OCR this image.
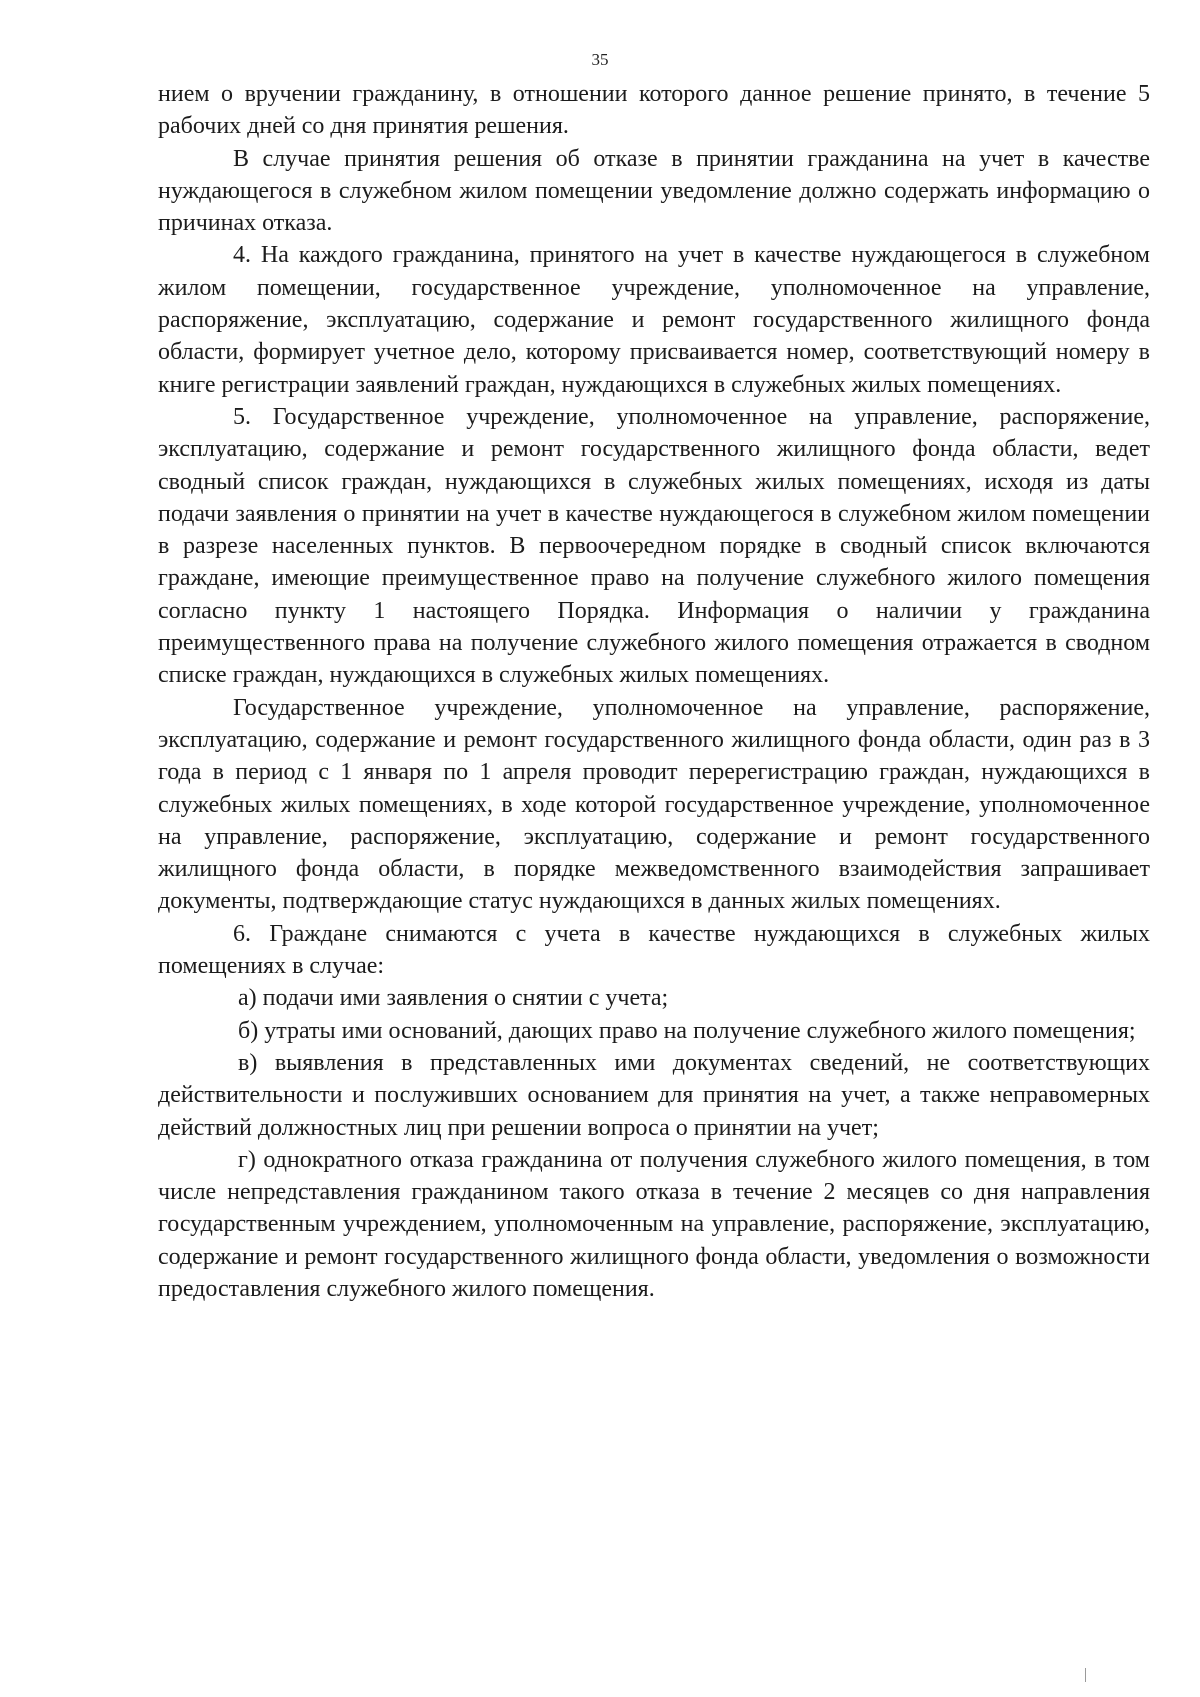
35

нием о вручении гражданину, в отношении которого данное решение принято, в течение 5 рабочих дней со дня принятия решения.

В случае принятия решения об отказе в принятии гражданина на учет в качестве нуждающегося в служебном жилом помещении уведомление должно содержать информацию о причинах отказа.

4. На каждого гражданина, принятого на учет в качестве нуждающегося в служебном жилом помещении, государственное учреждение, уполномоченное на управление, распоряжение, эксплуатацию, содержание и ремонт государственного жилищного фонда области, формирует учетное дело, которому присваивается номер, соответствующий номеру в книге регистрации заявлений граждан, нуждающихся в служебных жилых помещениях.

5. Государственное учреждение, уполномоченное на управление, распоряжение, эксплуатацию, содержание и ремонт государственного жилищного фонда области, ведет сводный список граждан, нуждающихся в служебных жилых помещениях, исходя из даты подачи заявления о принятии на учет в качестве нуждающегося в служебном жилом помещении в разрезе населенных пунктов. В первоочередном порядке в сводный список включаются граждане, имеющие преимущественное право на получение служебного жилого помещения согласно пункту 1 настоящего Порядка. Информация о наличии у гражданина преимущественного права на получение служебного жилого помещения отражается в сводном списке граждан, нуждающихся в служебных жилых помещениях.

Государственное учреждение, уполномоченное на управление, распоряжение, эксплуатацию, содержание и ремонт государственного жилищного фонда области, один раз в 3 года в период с 1 января по 1 апреля проводит перерегистрацию граждан, нуждающихся в служебных жилых помещениях, в ходе которой государственное учреждение, уполномоченное на управление, распоряжение, эксплуатацию, содержание и ремонт государственного жилищного фонда области, в порядке межведомственного взаимодействия запрашивает документы, подтверждающие статус нуждающихся в данных жилых помещениях.

6. Граждане снимаются с учета в качестве нуждающихся в служебных жилых помещениях в случае:

а) подачи ими заявления о снятии с учета;

б) утраты ими оснований, дающих право на получение служебного жилого помещения;

в) выявления в представленных ими документах сведений, не соответствующих действительности и послуживших основанием для принятия на учет, а также неправомерных действий должностных лиц при решении вопроса о принятии на учет;

г) однократного отказа гражданина от получения служебного жилого помещения, в том числе непредставления гражданином такого отказа в течение 2 месяцев со дня направления государственным учреждением, уполномоченным на управление, распоряжение, эксплуатацию, содержание и ремонт государственного жилищного фонда области, уведомления о возможности предоставления служебного жилого помещения.
